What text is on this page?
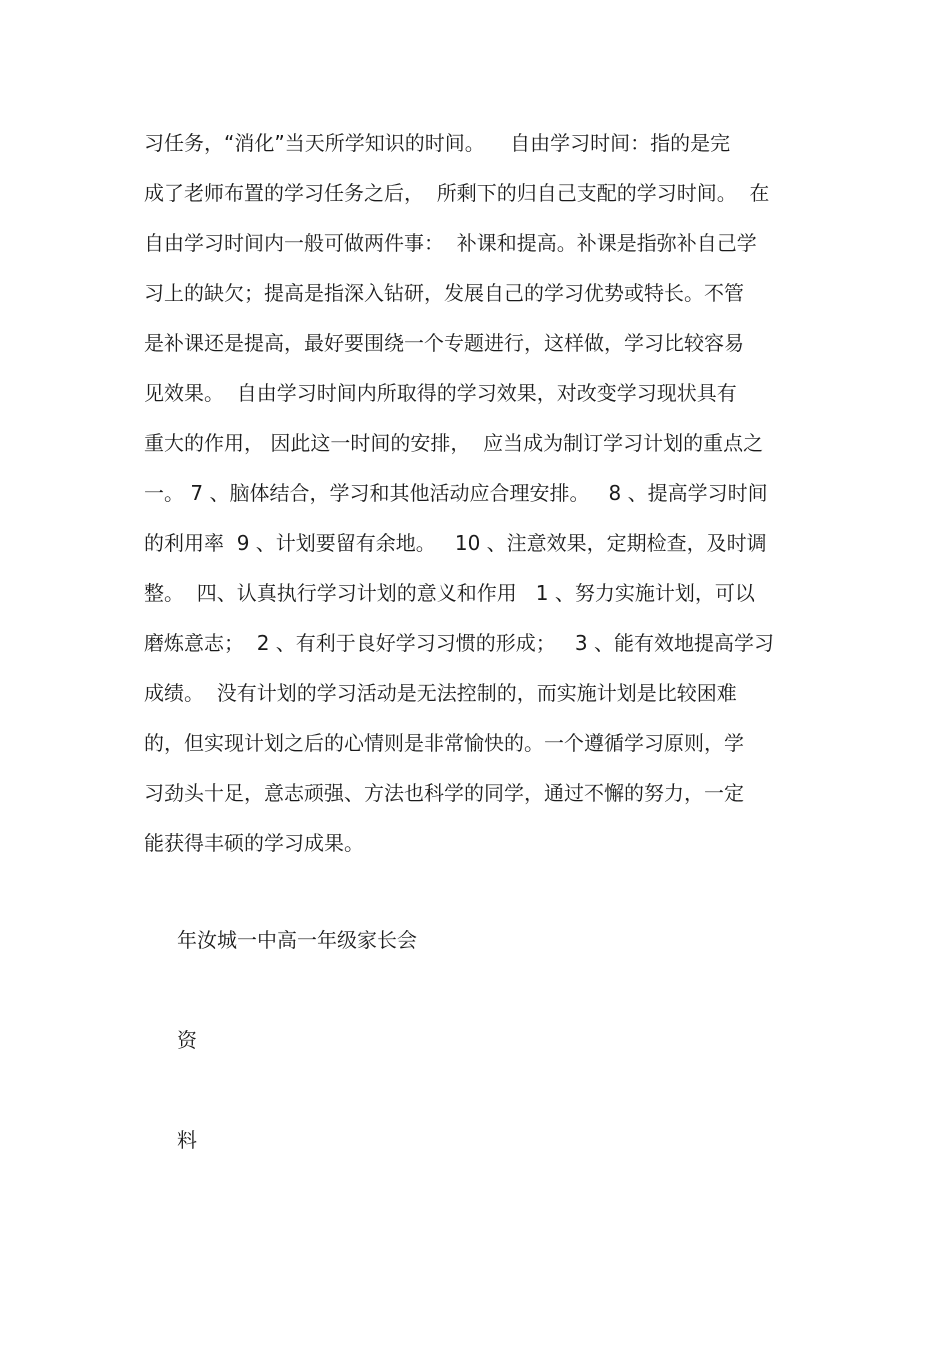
习任务，“消化”当天所学知识的时间。    自由学习时间：指的是完
成了老师布置的学习任务之后，  所剩下的归自己支配的学习时间。  在
自由学习时间内一般可做两件事：  补课和提高。补课是指弥补自己学
习上的缺欠；提高是指深入钻研，发展自己的学习优势或特长。不管
是补课还是提高，最好要围绕一个专题进行，这样做，学习比较容易
见效果。  自由学习时间内所取得的学习效果，对改变学习现状具有
重大的作用， 因此这一时间的安排，  应当成为制订学习计划的重点之
一。 7 、脑体结合，学习和其他活动应合理安排。   8 、提高学习时间
的利用率  9 、计划要留有余地。   10 、注意效果，定期检查，及时调
整。  四、认真执行学习计划的意义和作用   1 、努力实施计划，可以
磨炼意志；  2 、有利于良好学习习惯的形成；   3 、能有效地提高学习
成绩。  没有计划的学习活动是无法控制的，而实施计划是比较困难
的，但实现计划之后的心情则是非常愉快的。一个遵循学习原则，学
习劲头十足，意志顽强、方法也科学的同学，通过不懈的努力，一定
能获得丰硕的学习成果。
年汝城一中高一年级家长会
资
料
